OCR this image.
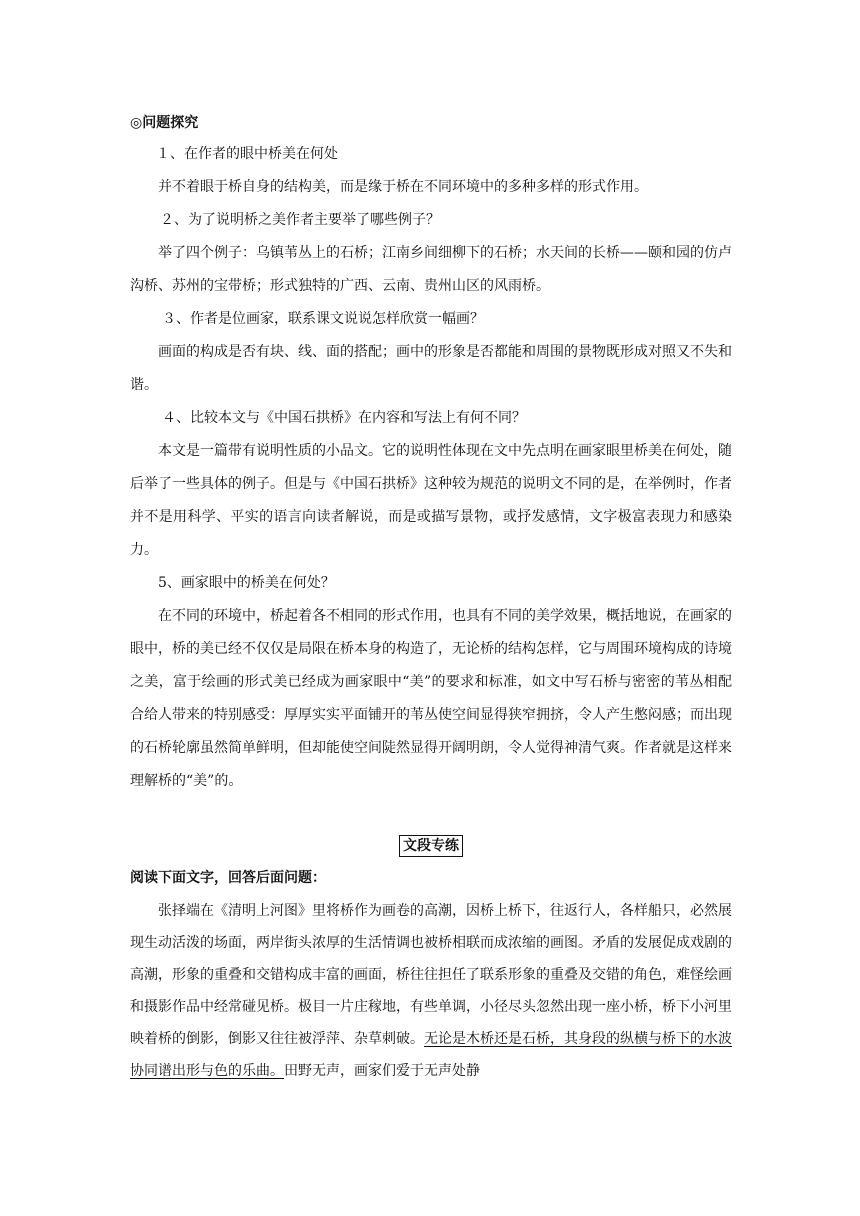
◎问题探究
１、在作者的眼中桥美在何处

并不着眼于桥自身的结构美，而是缘于桥在不同环境中的多种多样的形式作用。

２、为了说明桥之美作者主要举了哪些例子？

举了四个例子：乌镇苇丛上的石桥；江南乡间细柳下的石桥；水天间的长桥——颐和园的仿卢沟桥、苏州的宝带桥；形式独特的广西、云南、贵州山区的风雨桥。

３、作者是位画家，联系课文说说怎样欣赏一幅画？

画面的构成是否有块、线、面的搭配；画中的形象是否都能和周围的景物既形成对照又不失和谐。

４、比较本文与《中国石拱桥》在内容和写法上有何不同？

本文是一篇带有说明性质的小品文。它的说明性体现在文中先点明在画家眼里桥美在何处，随后举了一些具体的例子。但是与《中国石拱桥》这种较为规范的说明文不同的是，在举例时，作者并不是用科学、平实的语言向读者解说，而是或描写景物，或抒发感情，文字极富表现力和感染力。

5、画家眼中的桥美在何处？

在不同的环境中，桥起着各不相同的形式作用，也具有不同的美学效果，概括地说，在画家的眼中，桥的美已经不仅仅是局限在桥本身的构造了，无论桥的结构怎样，它与周围环境构成的诗境之美，富于绘画的形式美已经成为画家眼中“美”的要求和标准，如文中写石桥与密密的苇丛相配合给人带来的特别感受：厚厚实实平面铺开的苇丛使空间显得狭窄拥挤，令人产生憋闷感；而出现的石桥轮廓虽然简单鲜明，但却能使空间陡然显得开阔明朗，令人觉得神清气爽。作者就是这样来理解桥的“美”的。

文段专练
阅读下面文字，回答后面问题：

张择端在《清明上河图》里将桥作为画卷的高潮，因桥上桥下，往返行人，各样船只，必然展现生动活泼的场面，两岸街头浓厚的生活情调也被桥相联而成浓缩的画图。矛盾的发展促成戏剧的高潮，形象的重叠和交错构成丰富的画面，桥往往担任了联系形象的重叠及交错的角色，难怪绘画和摄影作品中经常碰见桥。极目一片庄稼地，有些单调，小径尽头忽然出现一座小桥，桥下小河里映着桥的倒影，倒影又往往被浮萍、杂草刺破。无论是木桥还是石桥，其身段的纵横与桥下的水波协同谱出形与色的乐曲。田野无声，画家们爱于无声处静
